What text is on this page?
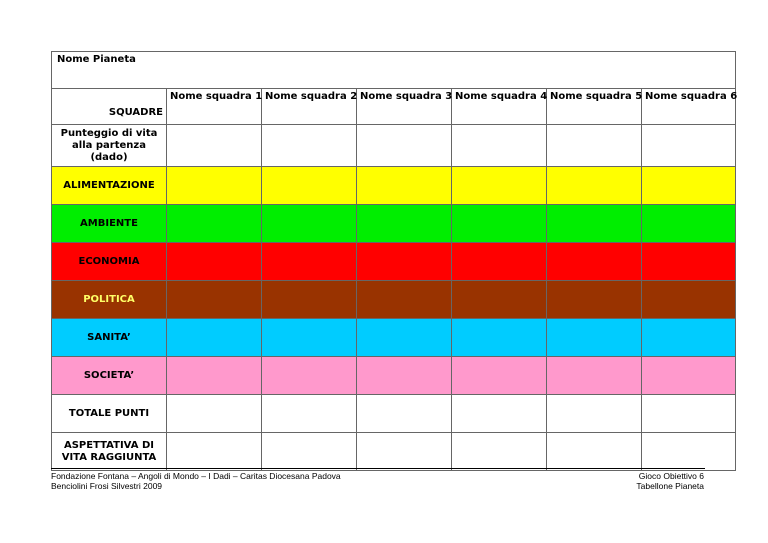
Nome Pianeta						
SQUADRE	Nome squadra 1	Nome squadra 2	Nome squadra 3	Nome squadra 4	Nome squadra 5	Nome squadra 6
Punteggio di vita alla partenza (dado)						
ALIMENTAZIONE						
AMBIENTE						
ECONOMIA						
POLITICA						
SANITA’						
SOCIETA’						
TOTALE PUNTI						
ASPETTATIVA DI VITA RAGGIUNTA						
Fondazione Fontana – Angoli di Mondo – I Dadi – Caritas Diocesana Padova
Benciolini Frosi Silvestri 2009
Gioco Obiettivo 6
Tabellone Pianeta
